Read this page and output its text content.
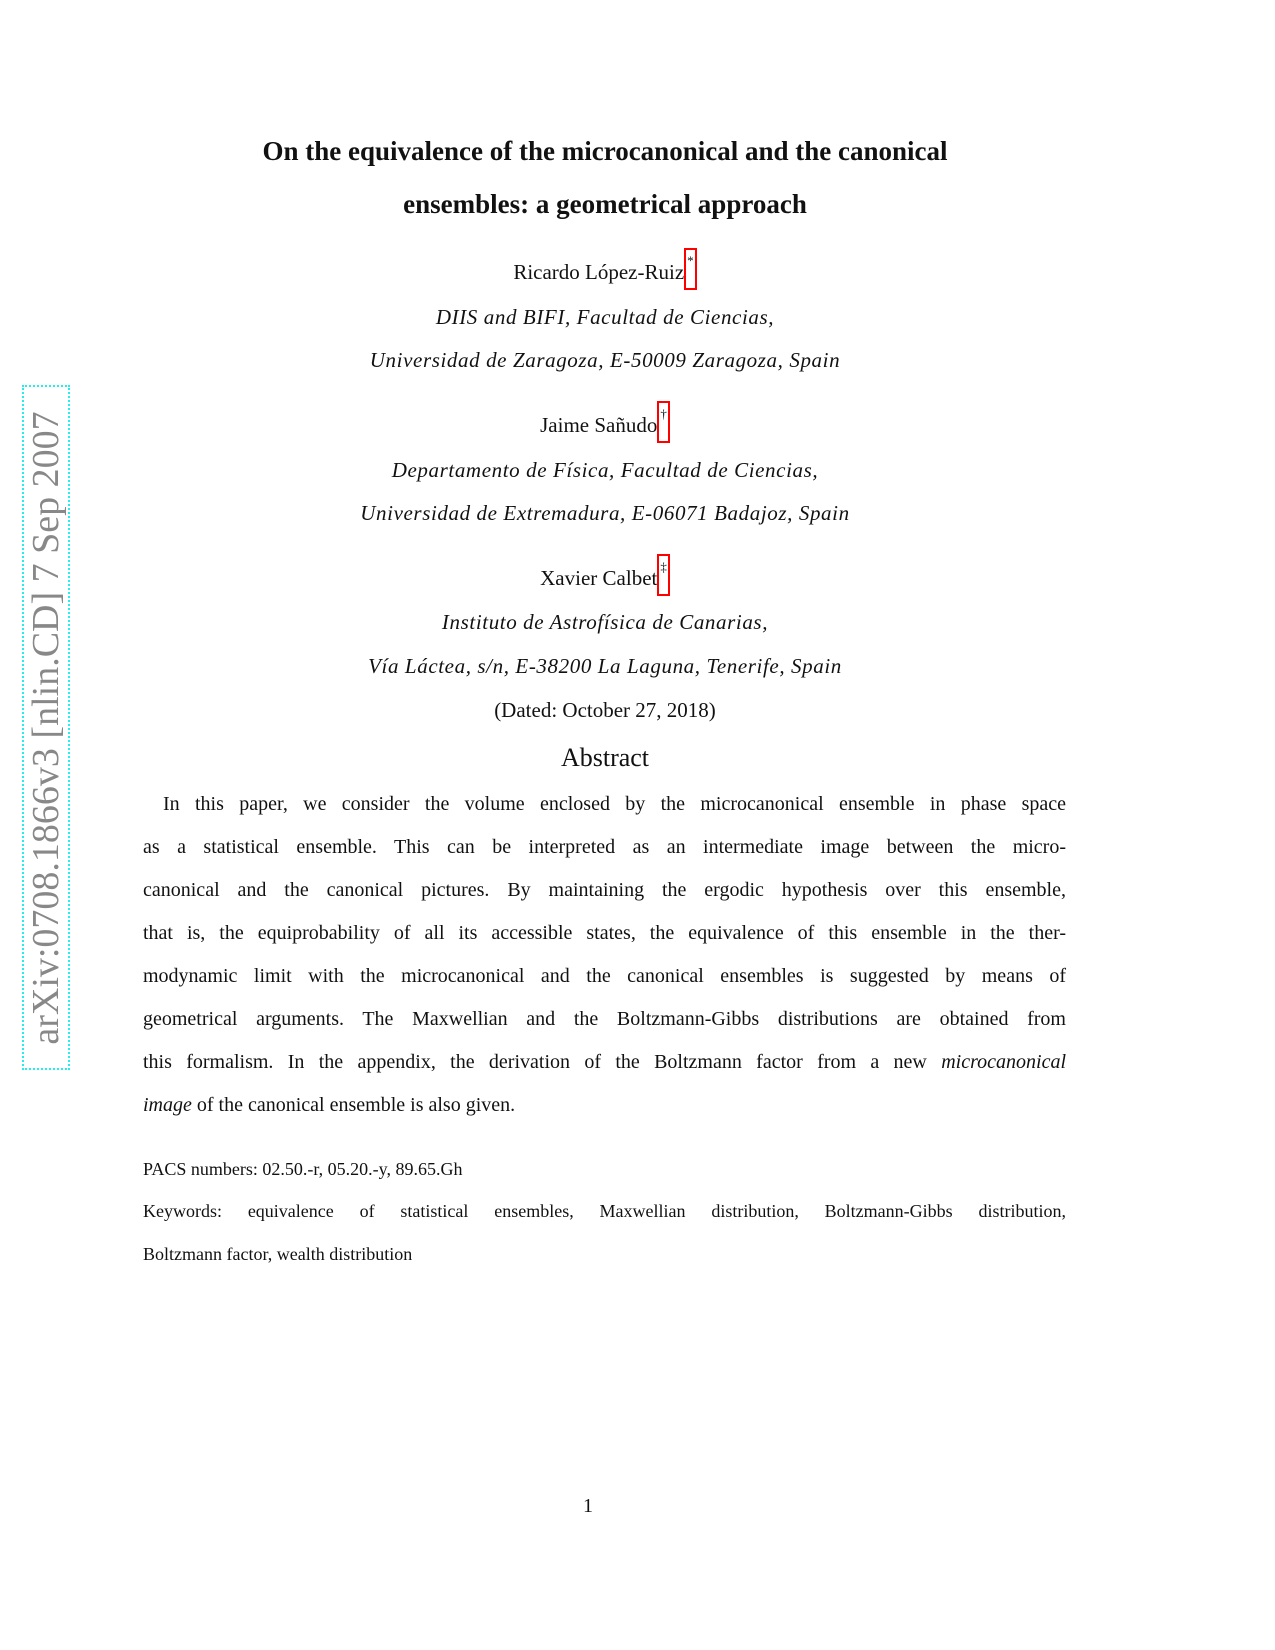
arXiv:0708.1866v3 [nlin.CD] 7 Sep 2007
On the equivalence of the microcanonical and the canonical
ensembles: a geometrical approach
Ricardo López-Ruiz *
DIIS and BIFI, Facultad de Ciencias,
Universidad de Zaragoza, E-50009 Zaragoza, Spain
Jaime Sañudo †
Departamento de Física, Facultad de Ciencias,
Universidad de Extremadura, E-06071 Badajoz, Spain
Xavier Calbet ‡
Instituto de Astrofísica de Canarias,
Vía Láctea, s/n, E-38200 La Laguna, Tenerife, Spain
(Dated: October 27, 2018)
Abstract
In this paper, we consider the volume enclosed by the microcanonical ensemble in phase space
as a statistical ensemble. This can be interpreted as an intermediate image between the micro-
canonical and the canonical pictures. By maintaining the ergodic hypothesis over this ensemble,
that is, the equiprobability of all its accessible states, the equivalence of this ensemble in the ther-
modynamic limit with the microcanonical and the canonical ensembles is suggested by means of
geometrical arguments. The Maxwellian and the Boltzmann-Gibbs distributions are obtained from
this formalism. In the appendix, the derivation of the Boltzmann factor from a new microcanonical
image of the canonical ensemble is also given.
PACS numbers: 02.50.-r, 05.20.-y, 89.65.Gh
Keywords: equivalence of statistical ensembles, Maxwellian distribution, Boltzmann-Gibbs distribution,
Boltzmann factor, wealth distribution
1
